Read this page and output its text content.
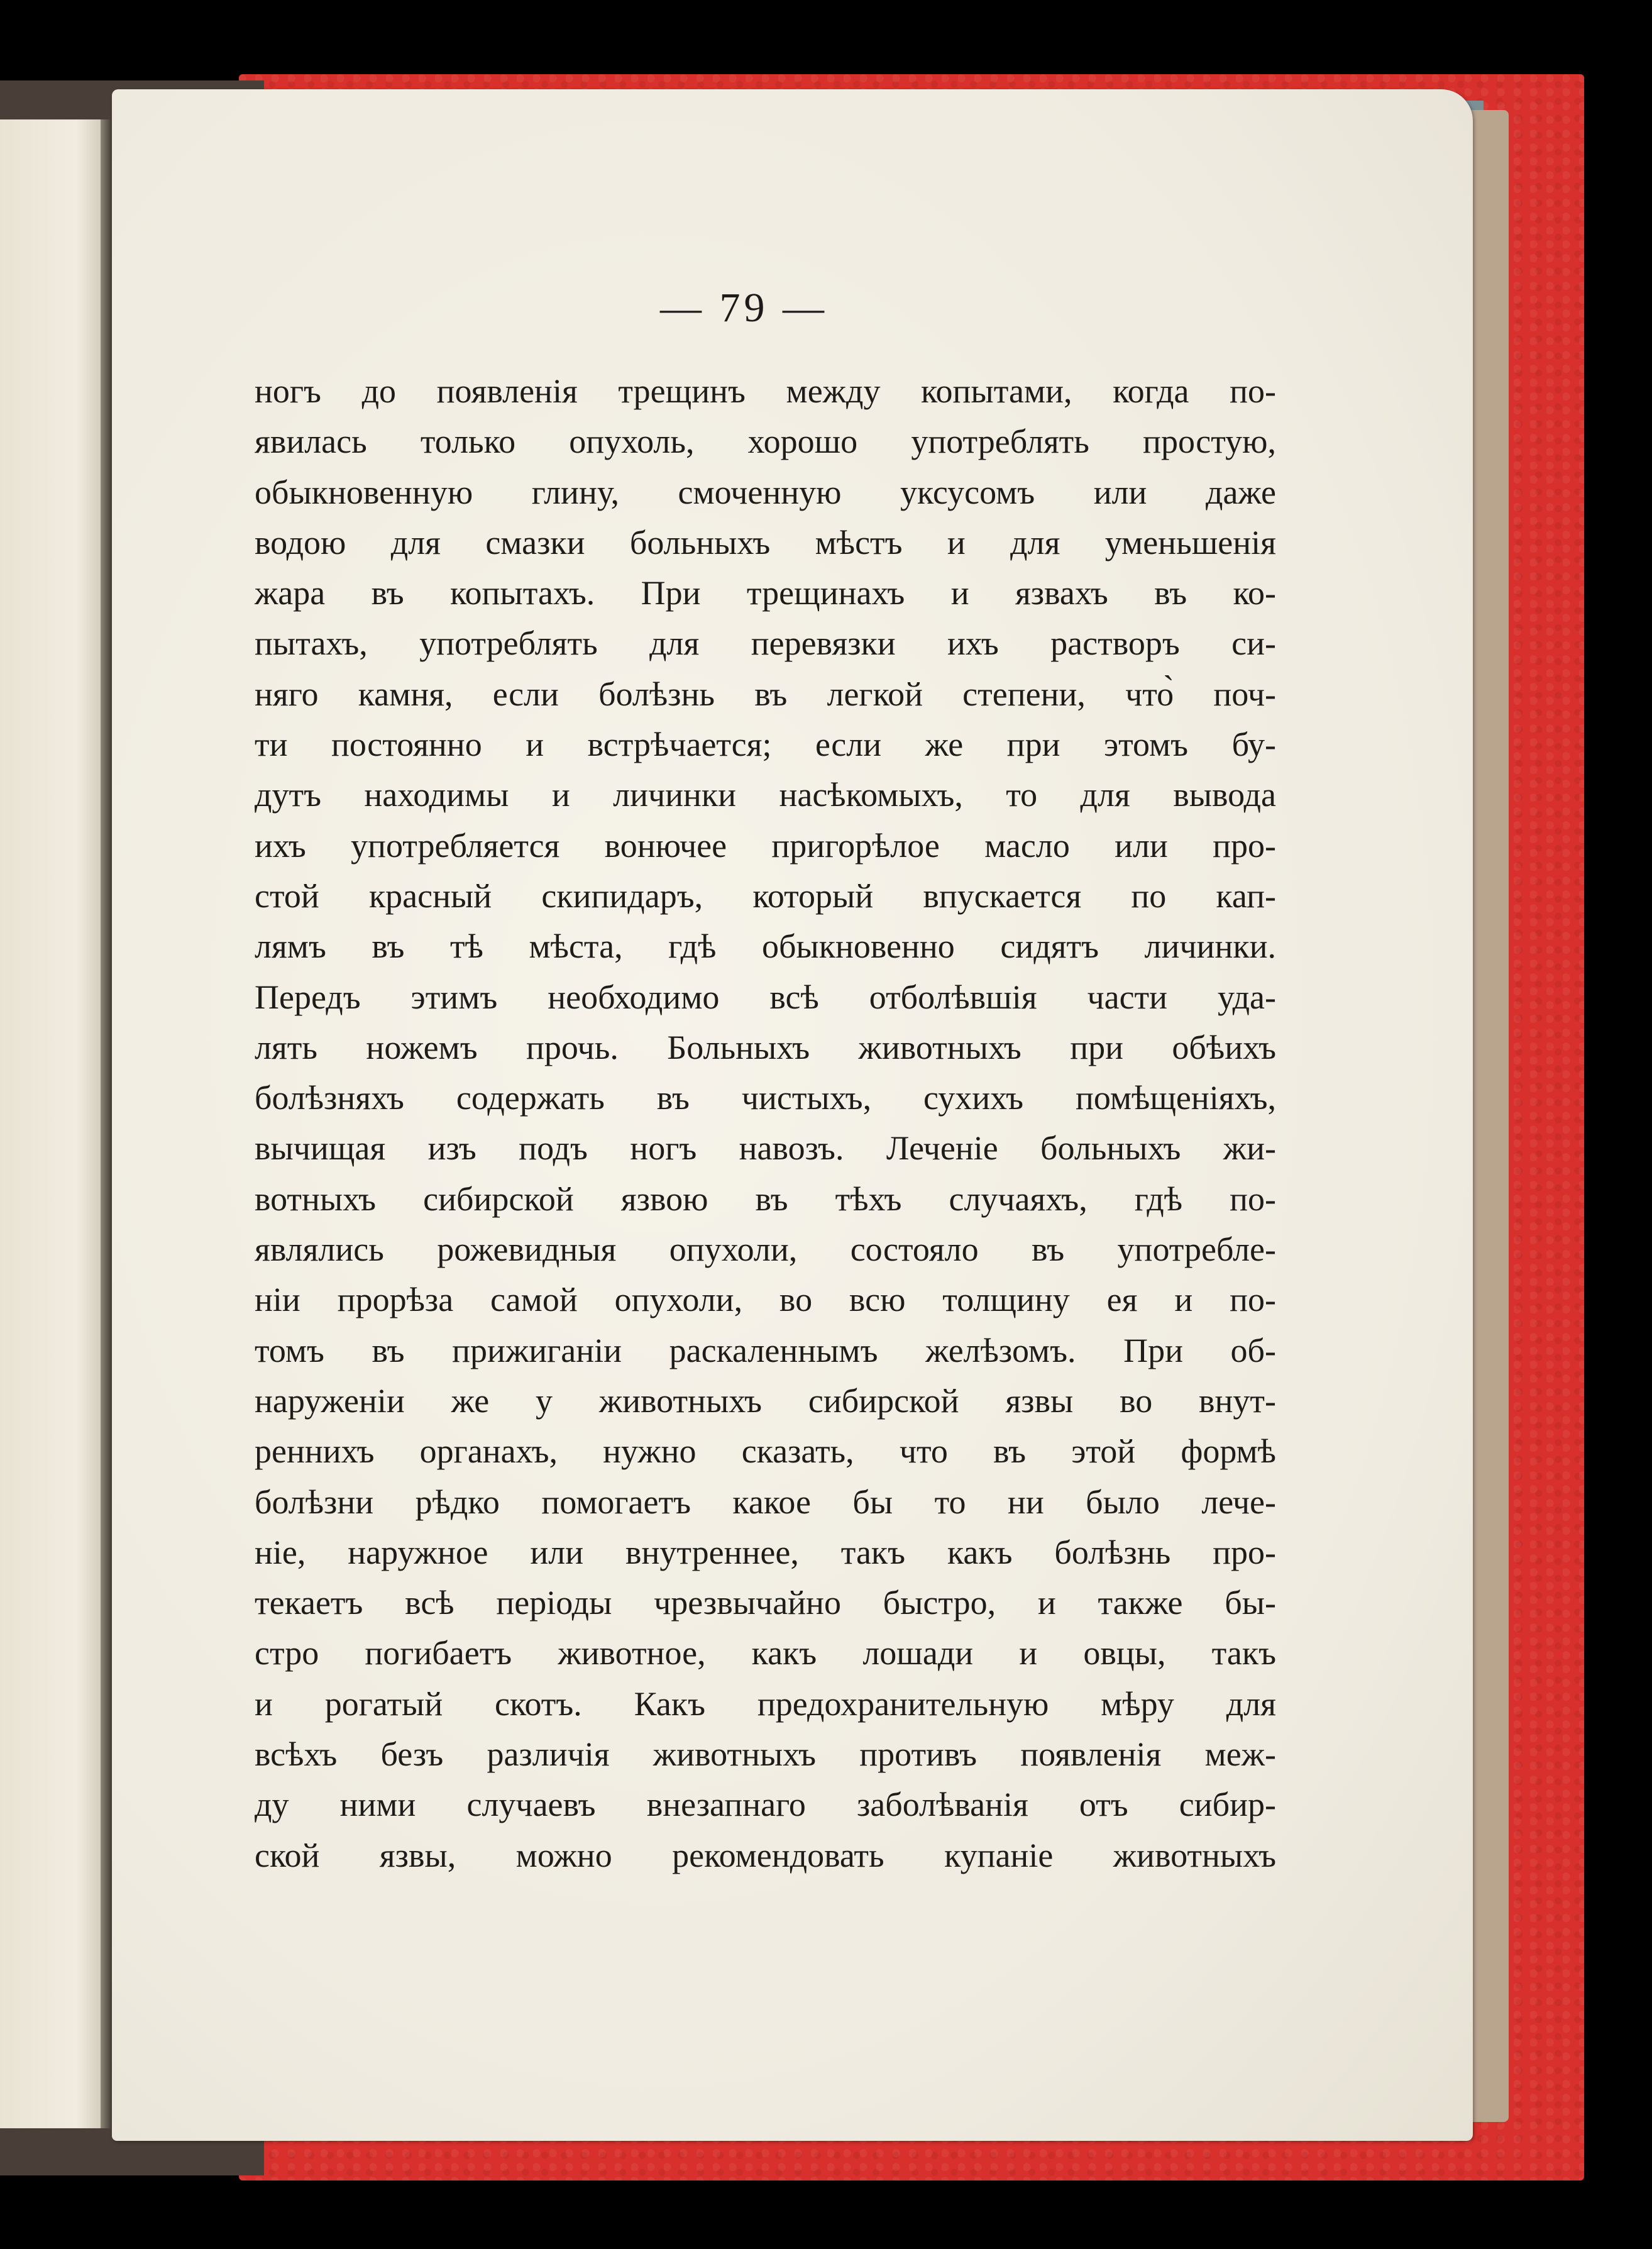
— 79 —
ногъ до появленія трещинъ между копытами, когда по-
явилась только опухоль, хорошо употреблять простую,
обыкновенную глину, смоченную уксусомъ или даже
водою для смазки больныхъ мѣстъ и для уменьшенія
жара въ копытахъ. При трещинахъ и язвахъ въ ко-
пытахъ, употреблять для перевязки ихъ растворъ си-
няго камня, если болѣзнь въ легкой степени, что̀ поч-
ти постоянно и встрѣчается; если же при этомъ бу-
дутъ находимы и личинки насѣкомыхъ, то для вывода
ихъ употребляется вонючее пригорѣлое масло или про-
стой красный скипидаръ, который впускается по кап-
лямъ въ тѣ мѣста, гдѣ обыкновенно сидятъ личинки.
Передъ этимъ необходимо всѣ отболѣвшія части уда-
лять ножемъ прочь. Больныхъ животныхъ при обѣихъ
болѣзняхъ содержать въ чистыхъ, сухихъ помѣщеніяхъ,
вычищая изъ подъ ногъ навозъ. Леченіе больныхъ жи-
вотныхъ сибирской язвою въ тѣхъ случаяхъ, гдѣ по-
являлись рожевидныя опухоли, состояло въ употребле-
ніи прорѣза самой опухоли, во всю толщину ея и по-
томъ въ прижиганіи раскаленнымъ желѣзомъ. При об-
наруженіи же у животныхъ сибирской язвы во внут-
реннихъ органахъ, нужно сказать, что въ этой формѣ
болѣзни рѣдко помогаетъ какое бы то ни было лече-
ніе, наружное или внутреннее, такъ какъ болѣзнь про-
текаетъ всѣ періоды чрезвычайно быстро, и также бы-
стро погибаетъ животное, какъ лошади и овцы, такъ
и рогатый скотъ. Какъ предохранительную мѣру для
всѣхъ безъ различія животныхъ противъ появленія меж-
ду ними случаевъ внезапнаго заболѣванія отъ сибир-
ской язвы, можно рекомендовать купаніе животныхъ
